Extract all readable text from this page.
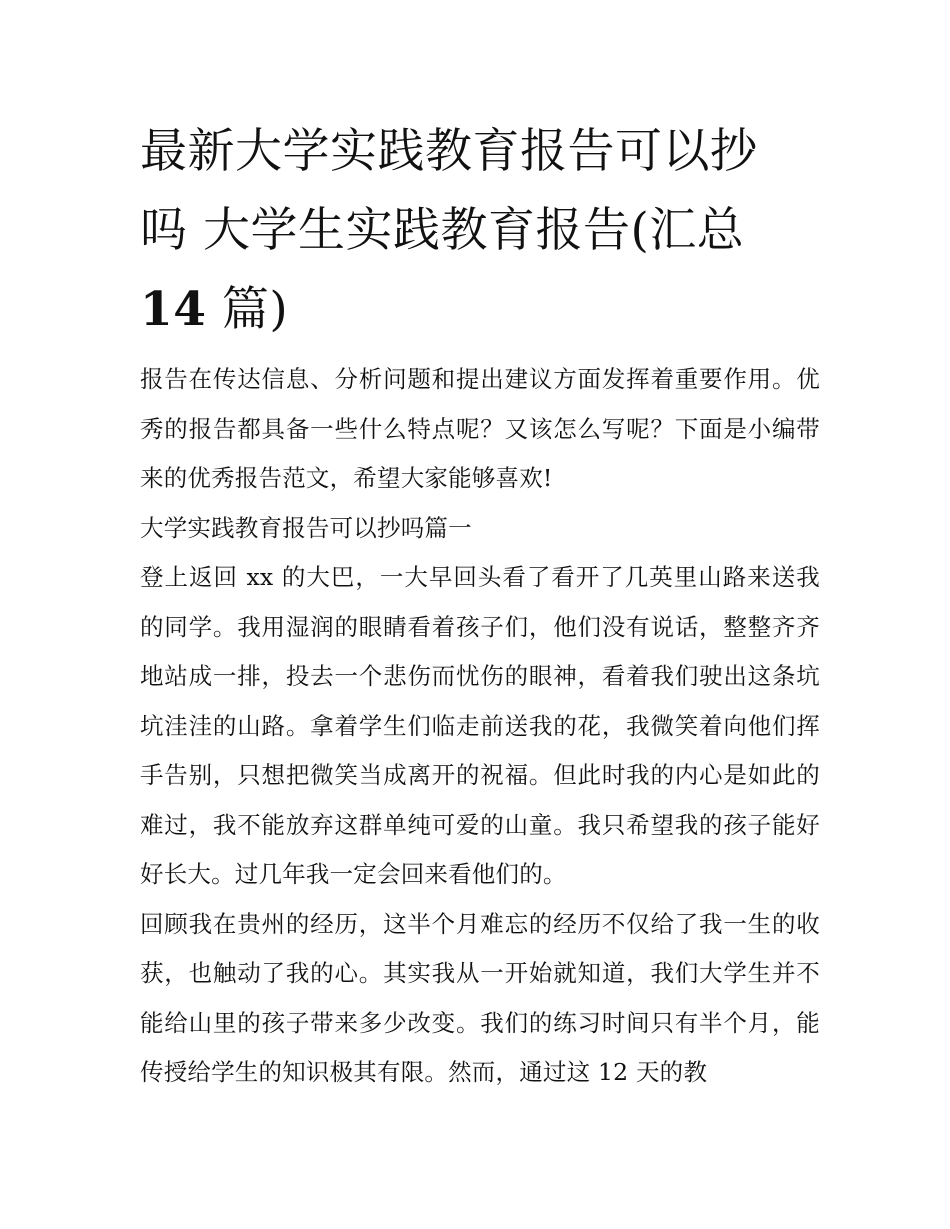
最新大学实践教育报告可以抄
吗 大学生实践教育报告(汇总
14 篇)

报告在传达信息、分析问题和提出建议方面发挥着重要作用。优秀的报告都具备一些什么特点呢？又该怎么写呢？下面是小编带来的优秀报告范文，希望大家能够喜欢!

大学实践教育报告可以抄吗篇一

登上返回 xx 的大巴，一大早回头看了看开了几英里山路来送我的同学。我用湿润的眼睛看着孩子们，他们没有说话，整整齐齐地站成一排，投去一个悲伤而忧伤的眼神，看着我们驶出这条坑坑洼洼的山路。拿着学生们临走前送我的花，我微笑着向他们挥手告别，只想把微笑当成离开的祝福。但此时我的内心是如此的难过，我不能放弃这群单纯可爱的山童。我只希望我的孩子能好好长大。过几年我一定会回来看他们的。

回顾我在贵州的经历，这半个月难忘的经历不仅给了我一生的收获，也触动了我的心。其实我从一开始就知道，我们大学生并不能给山里的孩子带来多少改变。我们的练习时间只有半个月，能传授给学生的知识极其有限。然而，通过这 12 天的教
